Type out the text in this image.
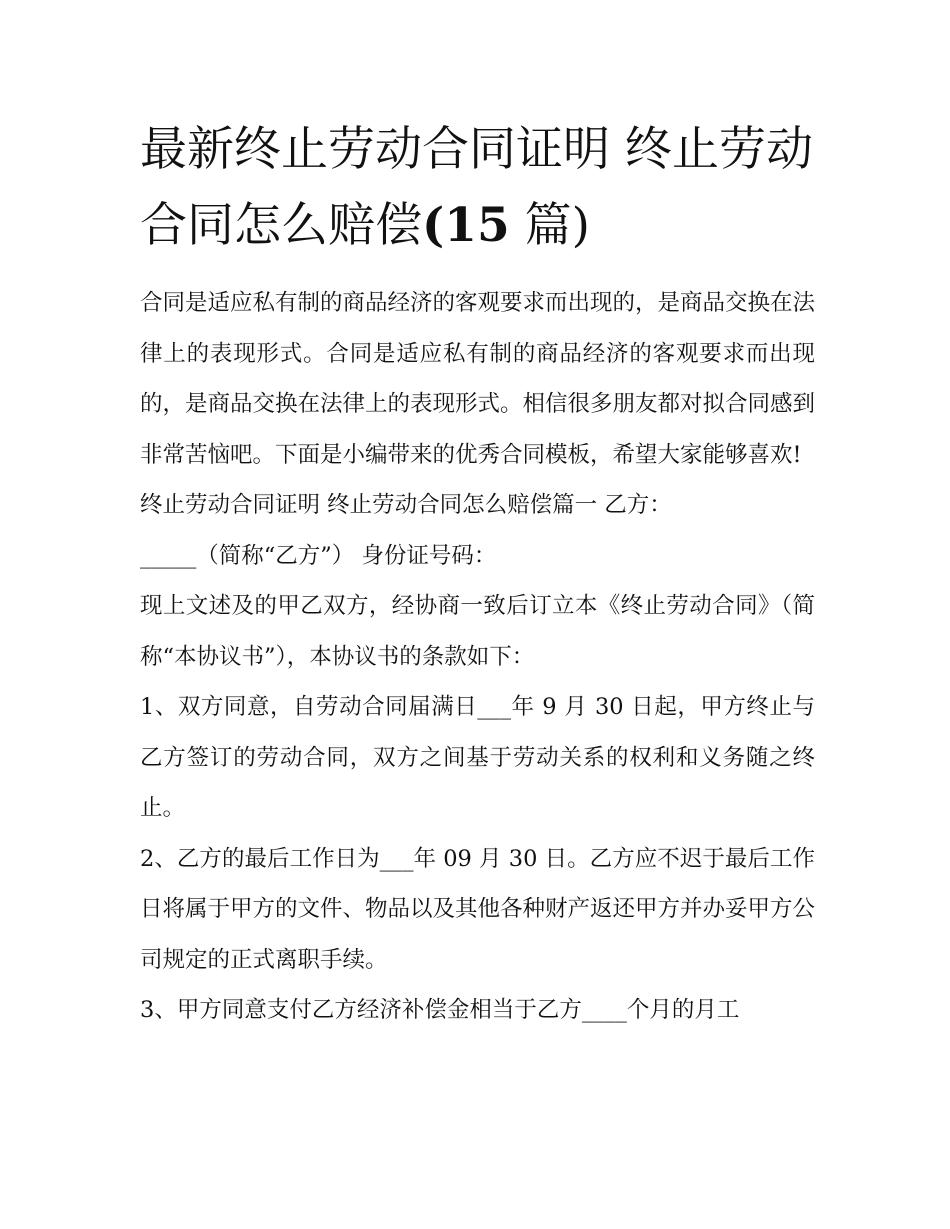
最新终止劳动合同证明 终止劳动合同怎么赔偿(15 篇)

合同是适应私有制的商品经济的客观要求而出现的，是商品交换在法律上的表现形式。合同是适应私有制的商品经济的客观要求而出现的，是商品交换在法律上的表现形式。相信很多朋友都对拟合同感到非常苦恼吧。下面是小编带来的优秀合同模板，希望大家能够喜欢!

终止劳动合同证明 终止劳动合同怎么赔偿篇一 乙方：

_____（简称“乙方”） 身份证号码：

现上文述及的甲乙双方，经协商一致后订立本《终止劳动合同》（简称“本协议书”），本协议书的条款如下：

1、双方同意，自劳动合同届满日___年 9 月 30 日起，甲方终止与乙方签订的劳动合同，双方之间基于劳动关系的权利和义务随之终止。

2、乙方的最后工作日为___年 09 月 30 日。乙方应不迟于最后工作日将属于甲方的文件、物品以及其他各种财产返还甲方并办妥甲方公司规定的正式离职手续。

3、甲方同意支付乙方经济补偿金相当于乙方____个月的月工
